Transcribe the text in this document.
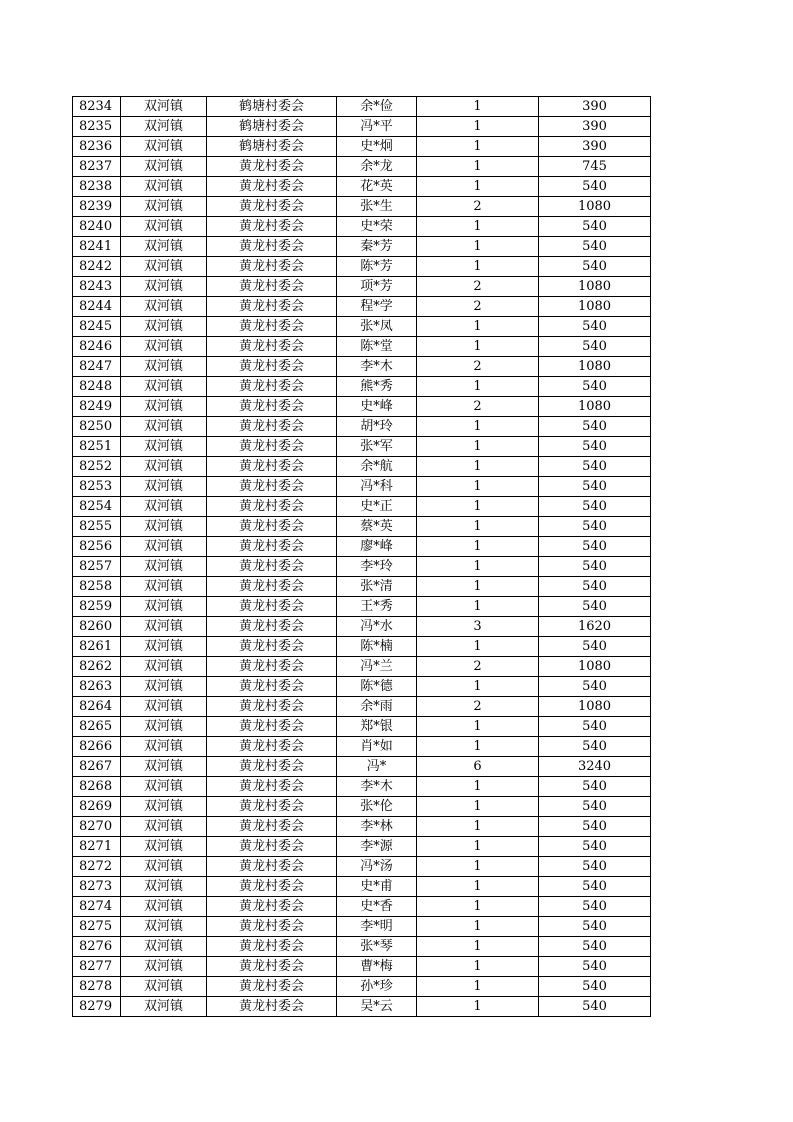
8234	双河镇	鹤塘村委会	余*俭	1	390
8235	双河镇	鹤塘村委会	冯*平	1	390
8236	双河镇	鹤塘村委会	史*炯	1	390
8237	双河镇	黄龙村委会	余*龙	1	745
8238	双河镇	黄龙村委会	花*英	1	540
8239	双河镇	黄龙村委会	张*生	2	1080
8240	双河镇	黄龙村委会	史*荣	1	540
8241	双河镇	黄龙村委会	秦*芳	1	540
8242	双河镇	黄龙村委会	陈*芳	1	540
8243	双河镇	黄龙村委会	项*芳	2	1080
8244	双河镇	黄龙村委会	程*学	2	1080
8245	双河镇	黄龙村委会	张*凤	1	540
8246	双河镇	黄龙村委会	陈*堂	1	540
8247	双河镇	黄龙村委会	李*木	2	1080
8248	双河镇	黄龙村委会	熊*秀	1	540
8249	双河镇	黄龙村委会	史*峰	2	1080
8250	双河镇	黄龙村委会	胡*玲	1	540
8251	双河镇	黄龙村委会	张*军	1	540
8252	双河镇	黄龙村委会	余*航	1	540
8253	双河镇	黄龙村委会	冯*科	1	540
8254	双河镇	黄龙村委会	史*正	1	540
8255	双河镇	黄龙村委会	蔡*英	1	540
8256	双河镇	黄龙村委会	廖*峰	1	540
8257	双河镇	黄龙村委会	李*玲	1	540
8258	双河镇	黄龙村委会	张*清	1	540
8259	双河镇	黄龙村委会	王*秀	1	540
8260	双河镇	黄龙村委会	冯*水	3	1620
8261	双河镇	黄龙村委会	陈*楠	1	540
8262	双河镇	黄龙村委会	冯*兰	2	1080
8263	双河镇	黄龙村委会	陈*德	1	540
8264	双河镇	黄龙村委会	余*雨	2	1080
8265	双河镇	黄龙村委会	郑*银	1	540
8266	双河镇	黄龙村委会	肖*如	1	540
8267	双河镇	黄龙村委会	冯*	6	3240
8268	双河镇	黄龙村委会	李*木	1	540
8269	双河镇	黄龙村委会	张*伦	1	540
8270	双河镇	黄龙村委会	李*林	1	540
8271	双河镇	黄龙村委会	李*源	1	540
8272	双河镇	黄龙村委会	冯*汤	1	540
8273	双河镇	黄龙村委会	史*甫	1	540
8274	双河镇	黄龙村委会	史*香	1	540
8275	双河镇	黄龙村委会	李*明	1	540
8276	双河镇	黄龙村委会	张*琴	1	540
8277	双河镇	黄龙村委会	曹*梅	1	540
8278	双河镇	黄龙村委会	孙*珍	1	540
8279	双河镇	黄龙村委会	吴*云	1	540
